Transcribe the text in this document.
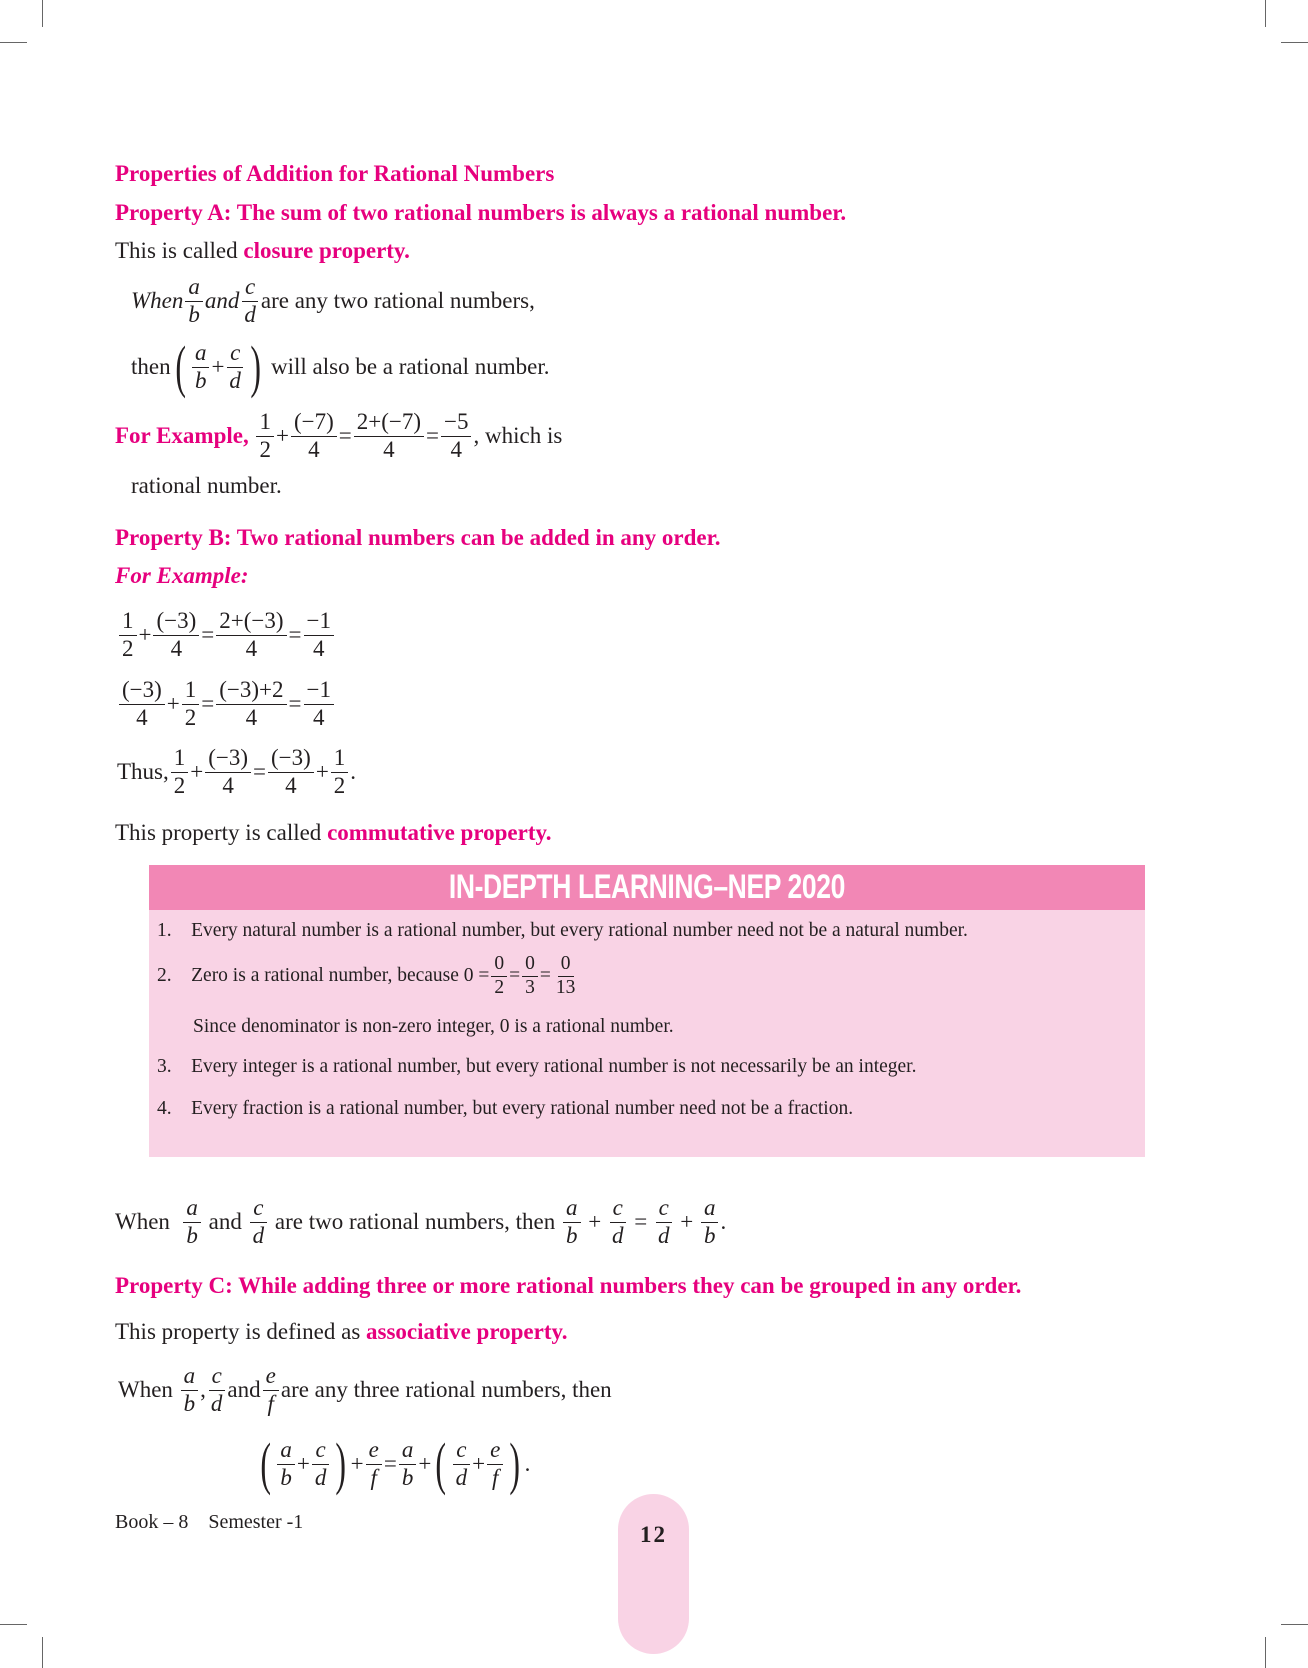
Properties of Addition for Rational Numbers
Property A: The sum of two rational numbers is always a rational number.
This is called closure property.
When $\frac{a}{b}$ and $\frac{c}{d}$ are any two rational numbers,
then ( $\frac{a}{b} + \frac{c}{d}$ ) will also be a rational number.
For Example, $\frac{1}{2} + \frac{(-7)}{4} = \frac{2+(-7)}{4} = \frac{-5}{4}$ , which is
rational number.
Property B: Two rational numbers can be added in any order.
For Example:
$\frac{1}{2} + \frac{(-3)}{4} = \frac{2+(-3)}{4} = \frac{-1}{4}$
$\frac{(-3)}{4} + \frac{1}{2} = \frac{(-3)+2}{4} = \frac{-1}{4}$
Thus, $\frac{1}{2} + \frac{(-3)}{4} = \frac{(-3)}{4} + \frac{1}{2}$ .
This property is called commutative property.
IN-DEPTH LEARNING–NEP 2020
1.    Every natural number is a rational number, but every rational number need not be a natural number.
2.    Zero is a rational number, because $0 = \frac{0}{2} = \frac{0}{3} = \frac{0}{13}$
Since denominator is non-zero integer, 0 is a rational number.
3.    Every integer is a rational number, but every rational number is not necessarily be an integer.
4.    Every fraction is a rational number, but every rational number need not be a fraction.
When $\frac{a}{b}$ and $\frac{c}{d}$ are two rational numbers, then $\frac{a}{b} + \frac{c}{d} = \frac{c}{d} + \frac{a}{b}$ .
Property C: While adding three or more rational numbers they can be grouped in any order.
This property is defined as associative property.
When $\frac{a}{b}$ , $\frac{c}{d}$ and $\frac{e}{f}$ are any three rational numbers, then
( $\frac{a}{b} + \frac{c}{d}$ ) + $\frac{e}{f} = \frac{a}{b}$ + ( $\frac{c}{d} + \frac{e}{f}$ ) .
Book – 8    Semester -1
12
